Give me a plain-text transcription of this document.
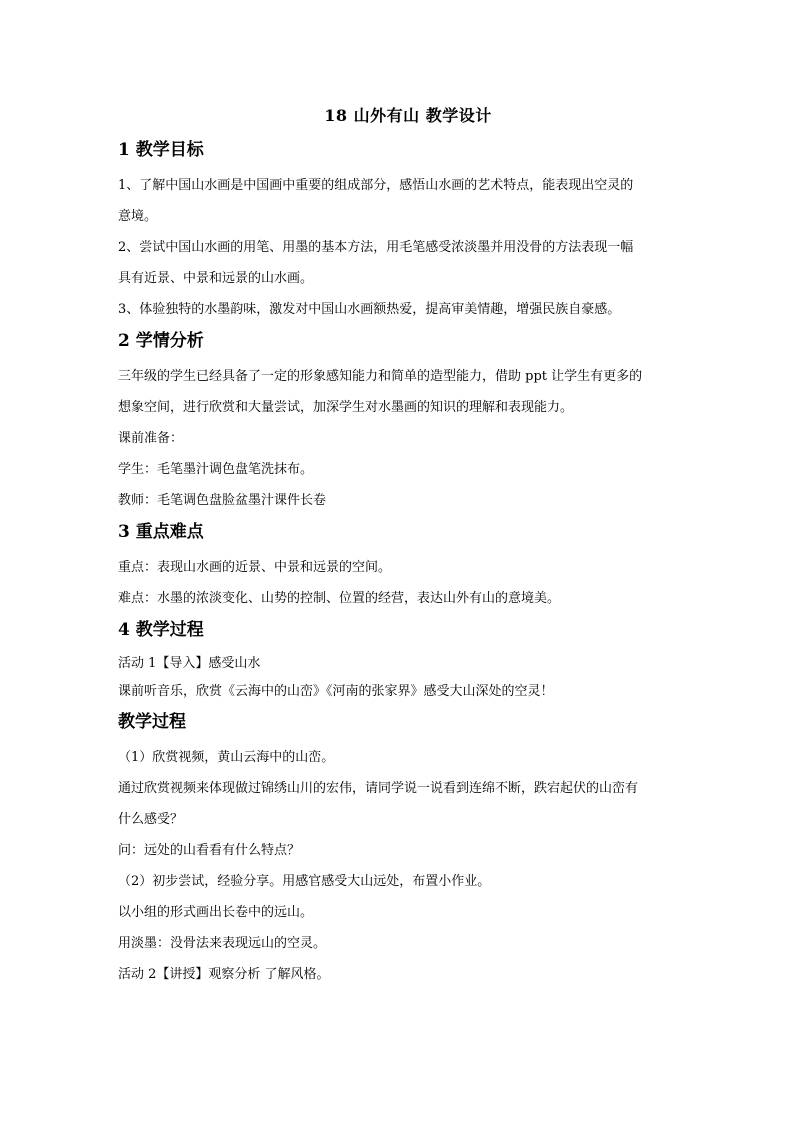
18 山外有山 教学设计
1 教学目标
1、了解中国山水画是中国画中重要的组成部分，感悟山水画的艺术特点，能表现出空灵的
意境。
2、尝试中国山水画的用笔、用墨的基本方法，用毛笔感受浓淡墨并用没骨的方法表现一幅
具有近景、中景和远景的山水画。
3、体验独特的水墨韵味，激发对中国山水画额热爱，提高审美情趣，增强民族自豪感。
2 学情分析
三年级的学生已经具备了一定的形象感知能力和简单的造型能力，借助 ppt 让学生有更多的
想象空间，进行欣赏和大量尝试，加深学生对水墨画的知识的理解和表现能力。
课前准备：
学生：毛笔墨汁调色盘笔洗抹布。
教师：毛笔调色盘脸盆墨汁课件长卷
3 重点难点
重点：表现山水画的近景、中景和远景的空间。
难点：水墨的浓淡变化、山势的控制、位置的经营，表达山外有山的意境美。
4 教学过程
活动 1【导入】感受山水
课前听音乐，欣赏《云海中的山峦》《河南的张家界》感受大山深处的空灵！
教学过程
（1）欣赏视频，黄山云海中的山峦。
通过欣赏视频来体现做过锦绣山川的宏伟，请同学说一说看到连绵不断，跌宕起伏的山峦有
什么感受？
问：远处的山看看有什么特点？
（2）初步尝试，经验分享。用感官感受大山远处，布置小作业。
以小组的形式画出长卷中的远山。
用淡墨：没骨法来表现远山的空灵。
活动 2【讲授】观察分析 了解风格。
